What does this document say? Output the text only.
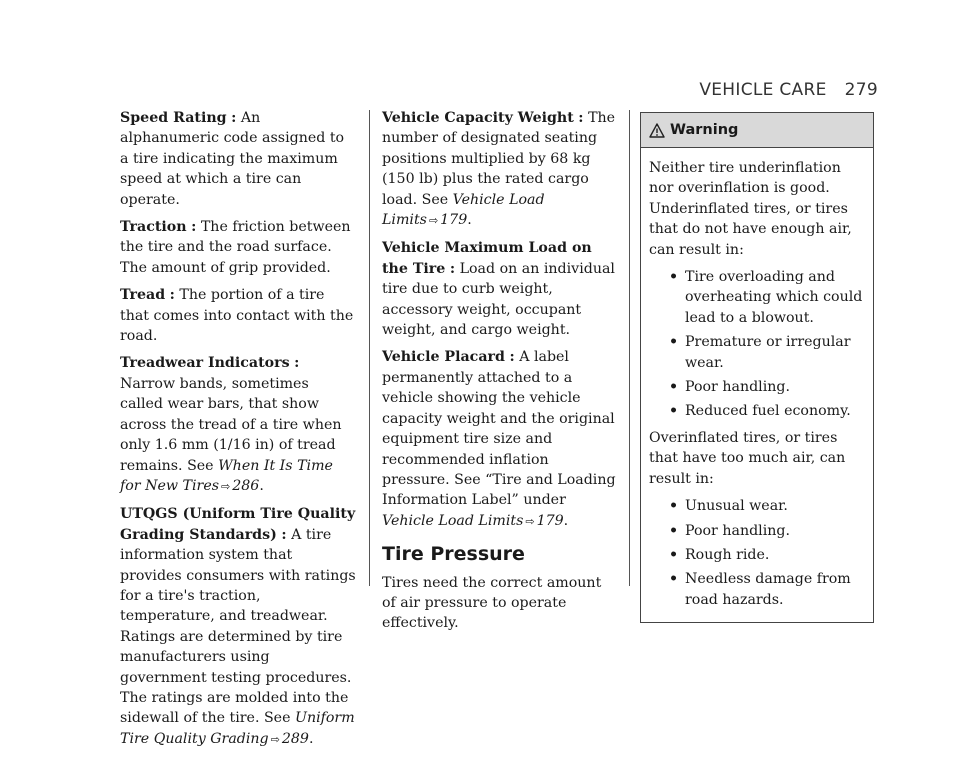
VEHICLE CARE 279

Speed Rating : An alphanumeric code assigned to a tire indicating the maximum speed at which a tire can operate.

Traction : The friction between the tire and the road surface. The amount of grip provided.

Tread : The portion of a tire that comes into contact with the road.

Treadwear Indicators : Narrow bands, sometimes called wear bars, that show across the tread of a tire when only 1.6 mm (1/16 in) of tread remains. See When It Is Time for New Tires ⇨ 286.

UTQGS (Uniform Tire Quality Grading Standards) : A tire information system that provides consumers with ratings for a tire's traction, temperature, and treadwear. Ratings are determined by tire manufacturers using government testing procedures. The ratings are molded into the sidewall of the tire. See Uniform Tire Quality Grading ⇨ 289.

Vehicle Capacity Weight : The number of designated seating positions multiplied by 68 kg (150 lb) plus the rated cargo load. See Vehicle Load Limits ⇨ 179.

Vehicle Maximum Load on the Tire : Load on an individual tire due to curb weight, accessory weight, occupant weight, and cargo weight.

Vehicle Placard : A label permanently attached to a vehicle showing the vehicle capacity weight and the original equipment tire size and recommended inflation pressure. See “Tire and Loading Information Label” under Vehicle Load Limits ⇨ 179.

Tire Pressure

Tires need the correct amount of air pressure to operate effectively.

Warning

Neither tire underinflation nor overinflation is good. Underinflated tires, or tires that do not have enough air, can result in:

• Tire overloading and overheating which could lead to a blowout.
• Premature or irregular wear.
• Poor handling.
• Reduced fuel economy.

Overinflated tires, or tires that have too much air, can result in:

• Unusual wear.
• Poor handling.
• Rough ride.
• Needless damage from road hazards.
